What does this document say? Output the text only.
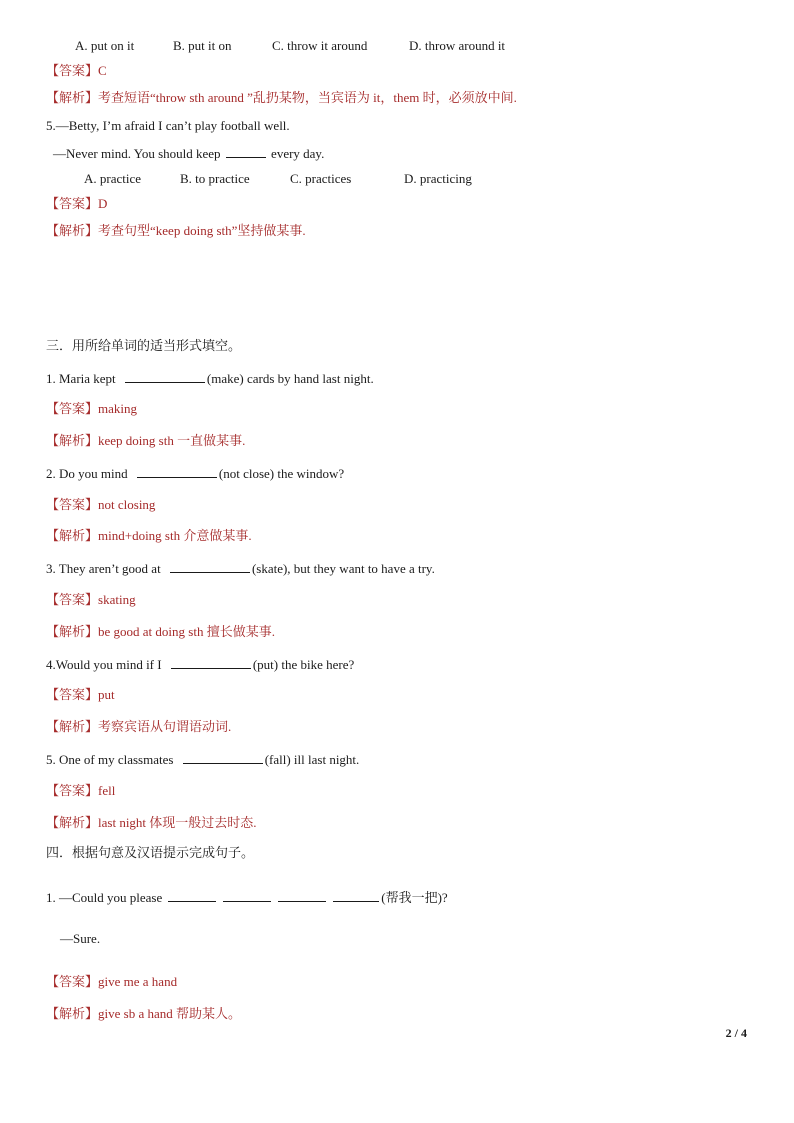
A. put on it	B. put it on	C. throw it around	D. throw around it
【答案】C
【解析】考查短语“throw sth around ”乱扔某物，当宾语为 it，them 时，必须放中间.
5.—Betty, I’m afraid I can’t play football well.
—Never mind. You should keep	every day.
A. practice	B. to practice	C. practices	D. practicing
【答案】D
【解析】考查句型“keep doing sth”坚持做某事.
三．用所给单词的适当形式填空。
1. Maria kept	(make) cards by hand last night.
【答案】making
【解析】keep doing sth 一直做某事.
2. Do you mind	(not close) the window?
【答案】not closing
【解析】mind+doing sth 介意做某事.
3. They aren’t good at	(skate), but they want to have a try.
【答案】skating
【解析】be good at doing sth 擅长做某事.
4.Would you mind if I	(put) the bike here?
【答案】put
【解析】考察宾语从句谓语动词.
5. One of my classmates	(fall) ill last night.
【答案】fell
【解析】last night 体现一般过去时态.
四．根据句意及汉语提示完成句子。
1. —Could you please	(帮我一把)?
—Sure.
【答案】give me a hand
【解析】give sb a hand 帮助某人。
2 / 4
